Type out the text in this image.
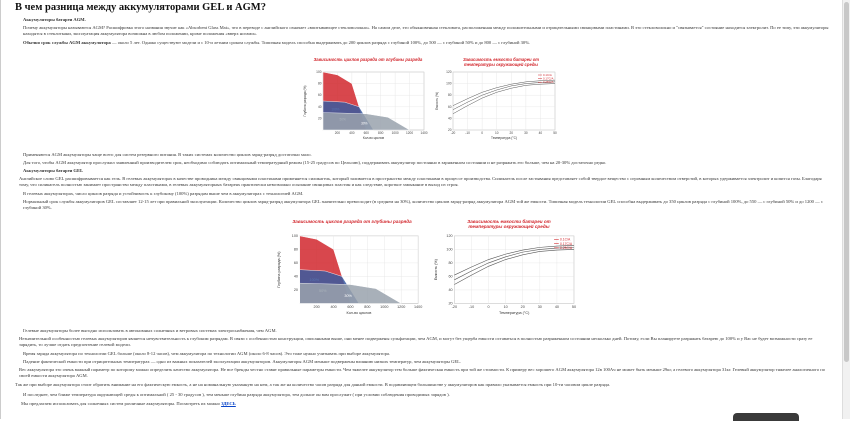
В чем разница между аккумуляторами GEL и AGM?
Аккумуляторы батареи AGM.
Почему аккумуляторы называются AGM? Расшифровка этого названия звучит как «Absorbent Glass Mat», что в переводе с английского означает «впитывающее стекловолокно». На самом деле, это обыкновенная стекловата, расположенная между положительными и отрицательными свинцовыми пластинами. В это стекловолокно и "связывается" состояние находится электролит. По ее типу, эти аккумуляторы находятся в стеклоткани, эксплуатация аккумулятора возможна в любом положении, кроме положения «вверх ногами».
Обычно срок службы AGM аккумулятора — около 5 лет. Однако существуют модели и с 10-и летним сроком службы. Типичная модель способна выдерживать до 200 циклов разряда с глубиной 100%, до 500 — с глубиной 50% и до 800 — с глубиной 30%.
Зависимость циклов разряда от глубины разряда
100
80
60
40
20
200	400	600	800	1000 1200 1400
30%
Кол-во циклов
Глубина разряда (%)
Зависимость емкости батареи от температуры окружающей среды
120
100
80
60
40
20
-20	-10	0	10	20	30	40	50
0.1C/A
0.17C/A
0.25C/A
Температура (°C)
Емкость (%)
Применяются AGM аккумуляторы чаще всего для систем резервного питания. В таких системах количество циклов заряд-разряд достаточно мало.
Для того, чтобы AGM аккумулятор прослужил заявленный производителем срок, необходимо соблюдать оптимальный температурный режим (15-25 градусов по Цельсию), поддерживать аккумулятор постоянно в заряженном состоянии и не разряжать его больше, чем на 20-30% достаточно редко.
Аккумуляторы батареи GEL
Английское слово GEL расшифровывается как гель. В гелевых аккумуляторах в качестве проводника между свинцовыми пластинами применяется силикагель, который заливается в пространство между пластинами в процессе производства. Силикагель после застывания представляет собой твердое вещество с огромным количеством отверстий, в которых удерживается электролит и копится газы. Благодаря тому, что силикагель полностью занимает пространство между пластинами, в гелевых аккумуляторных батареях практически невозможно осыпание свинцовых пластин и как следствие, короткое замыкание в выход из строя.
В гелевых аккумуляторах, число циклов разряда и устойчивость к глубокому (100%) разрядам выше чем в аккумуляторах с технологией AGM.
Нормальный срок службы аккумуляторов GEL составляет 12-15 лет при правильной эксплуатации. Количество циклов заряд-разряд аккумулятора GEL значительно превосходит (в среднем на 30%), количество циклов заряд-разряд аккумулятора AGM той же емкости. Типичная модель технологии GEL способна выдерживать до 350 циклов разряда с глубиной 100%, до 550 — с глубиной 50% и до 1200 — с глубиной 30%.
Зависимость циклов разряда от глубины разряда
100
80
60
40
20
200	400	600	800	1000 1200 1400
30%
Кол-во циклов
Глубина разряда (%)
Зависимость емкости батареи от температуры окружающей среды
120
100
80
60
40
20
-20	-10	0	10	20	30	40	50
0.1C/A
0.17C/A
0.25C/A
Температура (°C)
Емкость (%)
Гелевые аккумуляторы более выгодно использовать в автономных солнечных и ветровых системах электроснабжения, чем AGM.
Незначительной особенностью гелевых аккумуляторов является нечувствительность к глубоким разрядам. В связи с особенностью конструкции, описанными выше, они менее подвержены сульфатации, чем AGM, и могут без ущерба емкости оставаться в полностью разряженном состоянии несколько дней. Потому, если Вы планируете разряжать батарею до 100% и у Вас не будет возможности сразу ее зарядить, то лучше отдать предпочтение гелевой модели.
Время заряда аккумулятора по технологии GEL больше (около 8-12 часов), чем аккумулятора по технологии AGM (около 6-8 часов). Это тоже нужно учитывать при выборе аккумулятора.
Падение фактической емкости при отрицательных температурах — одно из важных показателей эксплуатации аккумуляторов. Аккумуляторы AGM меньше подвержены влиянию низких температур, чем аккумуляторы GEL.
Вес аккумулятора это очень важный параметр по которому можно определить качество аккумулятора. Не все бренды честно ставят правильные параметры емкости. Чем тяжелее аккумулятор тем больше фактическая емкость при той же стоимости. К примеру вес хорошего AGM аккумулятора 12в 100Ач не может быть меньше 29кг, а гелевого аккумулятора 31кг. Гелевый аккумулятор тяжелее аналогичного по своей емкости аккумулятора AGM.
Так же при выборе аккумулятора стоит обратить внимание на его фактическую емкость, а не на номинальную указанную на нем, а так же на количество часов разряда для данной емкости. В подавляющем большинстве у аккумуляторов как правило указывается емкость при 10-ти часовом цикле разряда.
И последнее, чем ближе температура окружающей среды к оптимальной ( 25 - 30 градусов ), тем меньше глубина разряда аккумулятора, тем дольше он вам прослужит ( при условии соблюдения проводимых зарядов ).
Мы предлагаем использовать для солнечных систем различные аккумуляторы. Посмотреть их можно ЗДЕСЬ
